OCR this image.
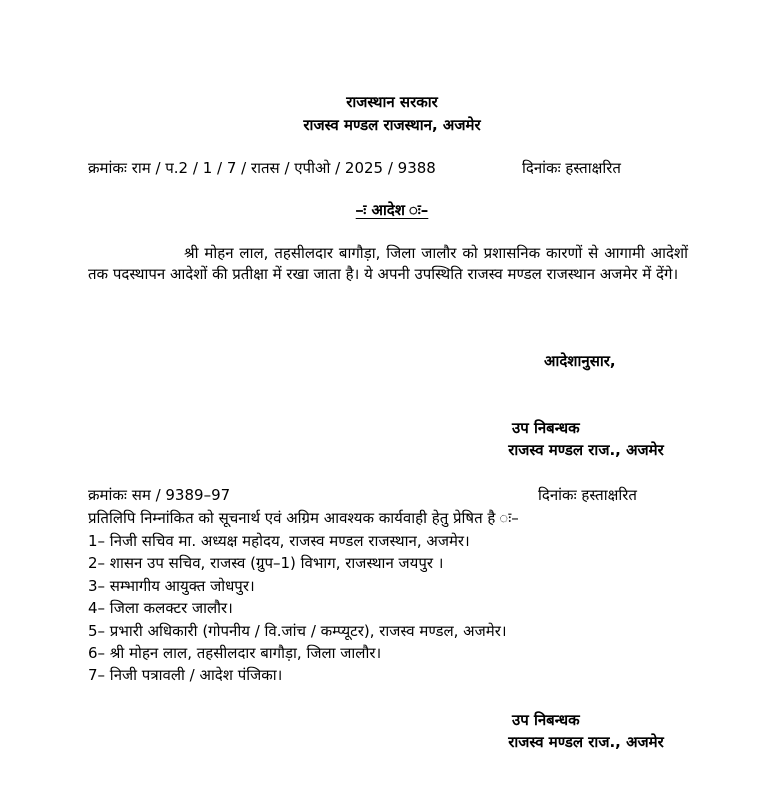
राजस्थान सरकार
राजस्व मण्डल राजस्थान, अजमेर
क्रमांकः राम / प.2 / 1 / 7 / रातस / एपीओ / 2025 / 9388	दिनांकः हस्ताक्षरित
–ः आदेश ः–
श्री मोहन लाल, तहसीलदार बागौड़ा, जिला जालौर को प्रशासनिक कारणों से आगामी आदेशों तक पदस्थापन आदेशों की प्रतीक्षा में रखा जाता है। ये अपनी उपस्थिति राजस्व मण्डल राजस्थान अजमेर में देंगे।
आदेशानुसार,
उप निबन्धक
राजस्व मण्डल राज., अजमेर
क्रमांकः सम / 9389–97	दिनांकः हस्ताक्षरित
प्रतिलिपि निम्नांकित को सूचनार्थ एवं अग्रिम आवश्यक कार्यवाही हेतु प्रेषित है ः–
1– निजी सचिव मा. अध्यक्ष महोदय, राजस्व मण्डल राजस्थान, अजमेर।
2– शासन उप सचिव, राजस्व (ग्रुप–1) विभाग, राजस्थान जयपुर ।
3– सम्भागीय आयुक्त जोधपुर।
4– जिला कलक्टर जालौर।
5– प्रभारी अधिकारी (गोपनीय / वि.जांच / कम्प्यूटर), राजस्व मण्डल, अजमेर।
6– श्री मोहन लाल, तहसीलदार बागौड़ा, जिला जालौर।
7– निजी पत्रावली / आदेश पंजिका।
उप निबन्धक
राजस्व मण्डल राज., अजमेर
